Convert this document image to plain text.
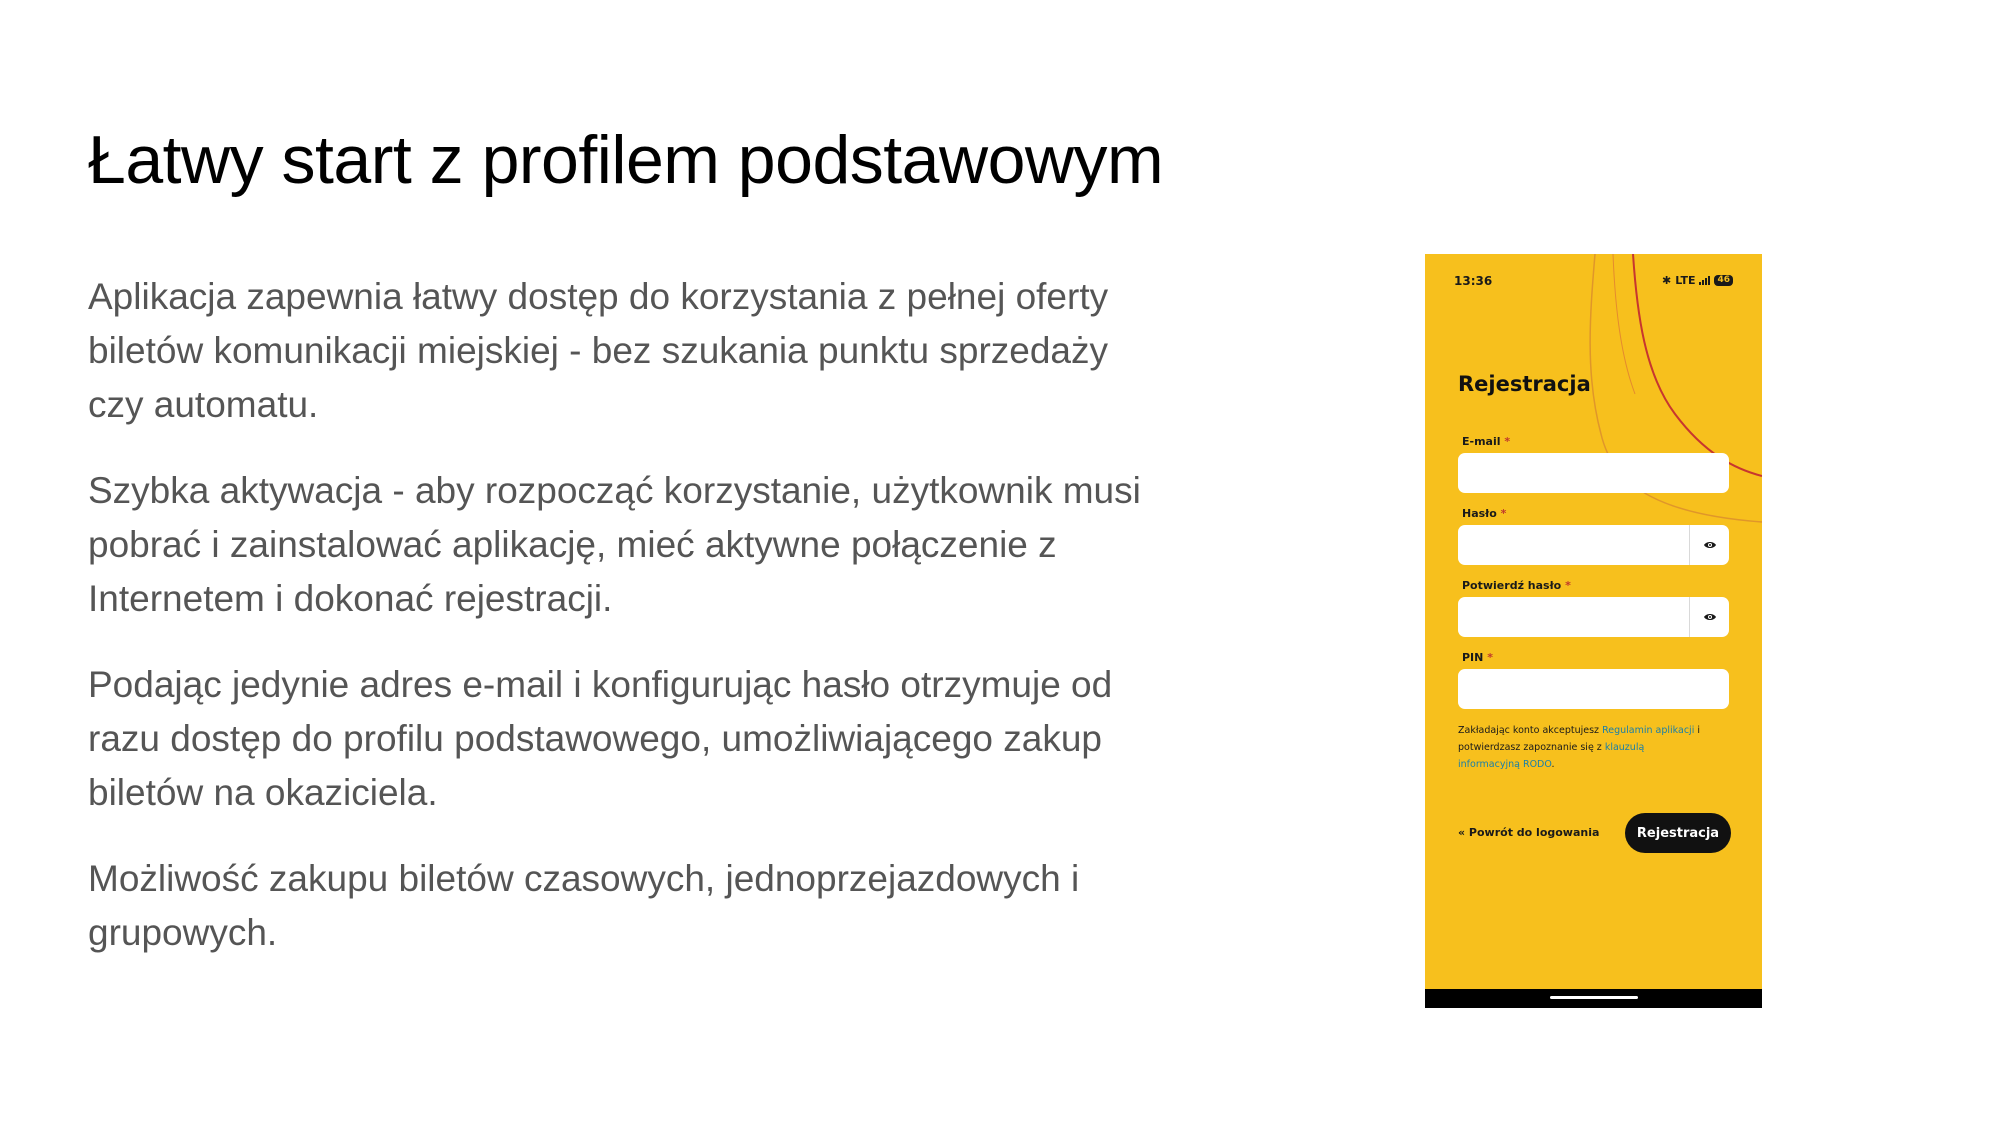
Łatwy start z profilem podstawowym

Aplikacja zapewnia łatwy dostęp do korzystania z pełnej oferty biletów komunikacji miejskiej - bez szukania punktu sprzedaży czy automatu.

Szybka aktywacja - aby rozpocząć korzystanie, użytkownik musi pobrać i zainstalować aplikację, mieć aktywne połączenie z Internetem i dokonać rejestracji.

Podając jedynie adres e-mail i konfigurując hasło otrzymuje od razu dostęp do profilu podstawowego, umożliwiającego zakup biletów na okaziciela.

Możliwość zakupu biletów czasowych, jednoprzejazdowych i grupowych.

13:36	✱ LTE	46
Rejestracja
E-mail *
Hasło *
Potwierdź hasło *
PIN *

Zakładając konto akceptujesz Regulamin aplikacji i potwierdzasz zapoznanie się z klauzulą informacyjną RODO.

« Powrót do logowania	Rejestracja
